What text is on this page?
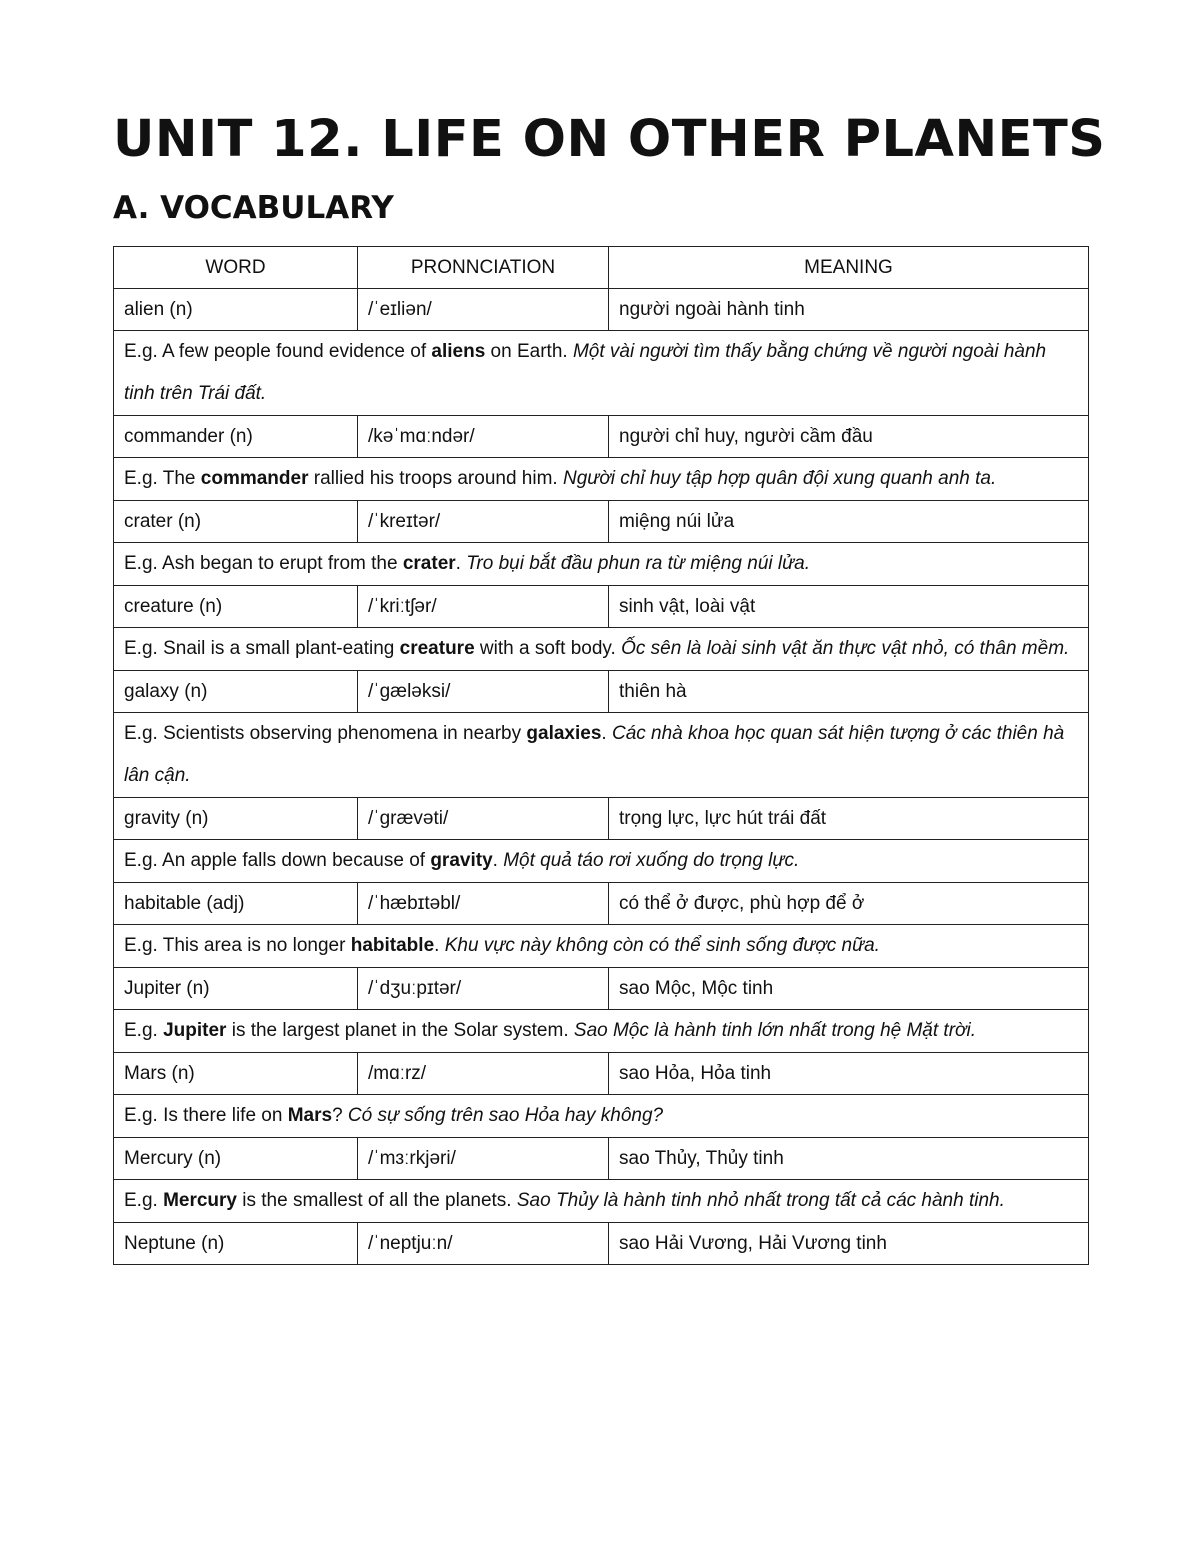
UNIT 12. LIFE ON OTHER PLANETS
A. VOCABULARY
WORD	PRONNCIATION	MEANING
alien (n)	/ˈeɪliən/	người ngoài hành tinh
E.g. A few people found evidence of aliens on Earth. Một vài người tìm thấy bằng chứng về người ngoài hành tinh trên Trái đất.		
commander (n)	/kəˈmɑːndər/	người chỉ huy, người cầm đầu
E.g. The commander rallied his troops around him. Người chỉ huy tập hợp quân đội xung quanh anh ta.		
crater (n)	/ˈkreɪtər/	miệng núi lửa
E.g. Ash began to erupt from the crater. Tro bụi bắt đầu phun ra từ miệng núi lửa.		
creature (n)	/ˈkriːtʃər/	sinh vật, loài vật
E.g. Snail is a small plant-eating creature with a soft body. Ốc sên là loài sinh vật ăn thực vật nhỏ, có thân mềm.		
galaxy (n)	/ˈɡæləksi/	thiên hà
E.g. Scientists observing phenomena in nearby galaxies. Các nhà khoa học quan sát hiện tượng ở các thiên hà lân cận.		
gravity (n)	/ˈɡrævəti/	trọng lực, lực hút trái đất
E.g. An apple falls down because of gravity. Một quả táo rơi xuống do trọng lực.		
habitable (adj)	/ˈhæbɪtəbl/	có thể ở được, phù hợp để ở
E.g. This area is no longer habitable. Khu vực này không còn có thể sinh sống được nữa.		
Jupiter (n)	/ˈdʒuːpɪtər/	sao Mộc, Mộc tinh
E.g. Jupiter is the largest planet in the Solar system. Sao Mộc là hành tinh lớn nhất trong hệ Mặt trời.		
Mars (n)	/mɑːrz/	sao Hỏa, Hỏa tinh
E.g. Is there life on Mars? Có sự sống trên sao Hỏa hay không?		
Mercury (n)	/ˈmɜːrkjəri/	sao Thủy, Thủy tinh
E.g. Mercury is the smallest of all the planets. Sao Thủy là hành tinh nhỏ nhất trong tất cả các hành tinh.		
Neptune (n)	/ˈneptjuːn/	sao Hải Vương, Hải Vương tinh
